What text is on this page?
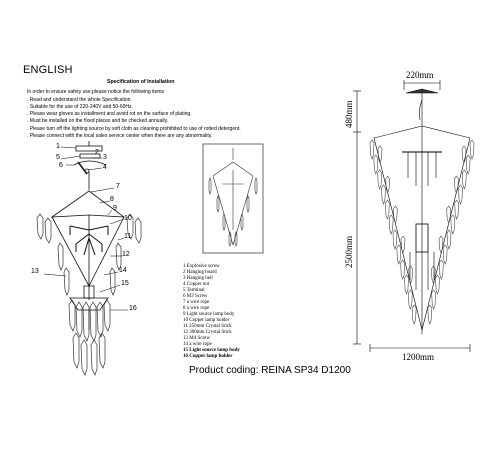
ENGLISH
Specification of Installation
In order to ensure safety use,please notice the following items
. Read and understand the whole Specification.
. Suitable for the use of 220-240V and 50-60Hz.
. Please wear gloves as installment and avoid rot on the surface of plating.
. Must be installed on the fixed places and be checked annually.
. Please turn off the lighting source by soft cloth as cleaning prohibited to use of rotted detergent.
. Please connect with the local sales service center when there are any abnormality.
1
5
6
3
4
7
8
9
10
11
12
13	14
15
16
2
1 Explosive screw
2 Hanging board
3 Hanging bell
4 Copper nut
5 Terminal
6 M3 Screw
7 a wire rope
8 a wire rope
9 Light source lamp body
10 Copper lamp holder
11 250mm Crystal Stick
12 300mm Crystal Stick
13 M4 Screw
14 a wire rope
15 Light source lamp body
16 Copper lamp holder
Product coding: REINA SP34 D1200
220mm
480mm
2500mm
1200mm
